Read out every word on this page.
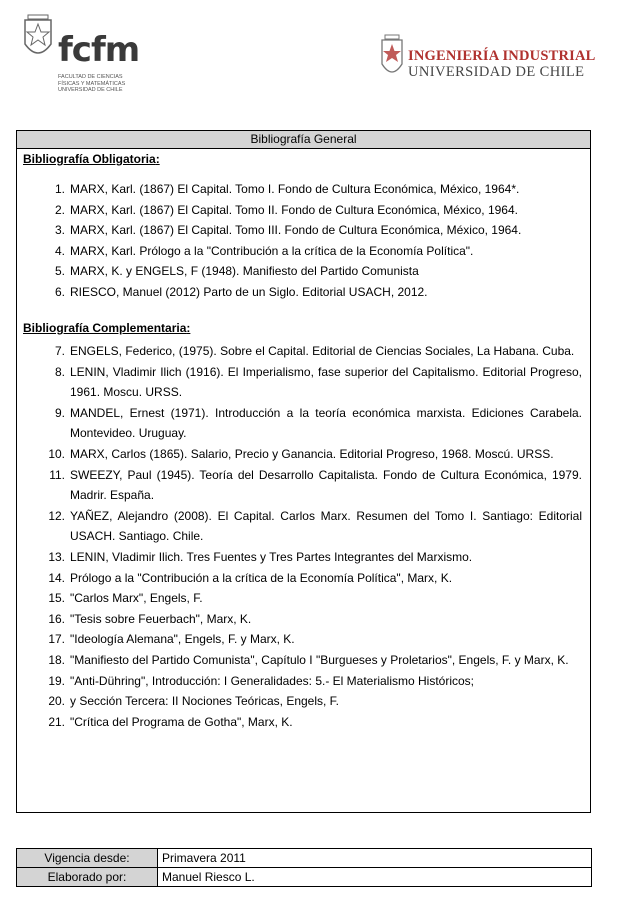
fcfm
FACULTAD DE CIENCIAS
FÍSICAS Y MATEMÁTICAS
UNIVERSIDAD DE CHILE
INGENIERÍA INDUSTRIAL
UNIVERSIDAD DE CHILE
Bibliografía General
Bibliografía Obligatoria:
1. MARX, Karl. (1867) El Capital. Tomo I. Fondo de Cultura Económica, México, 1964*.
2. MARX, Karl. (1867) El Capital. Tomo II. Fondo de Cultura Económica, México, 1964.
3. MARX, Karl. (1867) El Capital. Tomo III. Fondo de Cultura Económica, México, 1964.
4. MARX, Karl. Prólogo a la "Contribución a la crítica de la Economía Política".
5. MARX, K. y ENGELS, F (1948). Manifiesto del Partido Comunista
6. RIESCO, Manuel (2012) Parto de un Siglo. Editorial USACH, 2012.
Bibliografía Complementaria:
7. ENGELS, Federico, (1975). Sobre el Capital. Editorial de Ciencias Sociales, La Habana. Cuba.
8. LENIN, Vladimir Ilich (1916). El Imperialismo, fase superior del Capitalismo. Editorial Progreso, 1961. Moscu. URSS.
9. MANDEL, Ernest (1971). Introducción a la teoría económica marxista. Ediciones Carabela. Montevideo. Uruguay.
10. MARX, Carlos (1865). Salario, Precio y Ganancia. Editorial Progreso, 1968. Moscú. URSS.
11. SWEEZY, Paul (1945). Teoría del Desarrollo Capitalista. Fondo de Cultura Económica, 1979. Madrir. España.
12. YAÑEZ, Alejandro (2008). El Capital. Carlos Marx. Resumen del Tomo I. Santiago: Editorial USACH. Santiago. Chile.
13. LENIN, Vladimir Ilich. Tres Fuentes y Tres Partes Integrantes del Marxismo.
14. Prólogo a la "Contribución a la crítica de la Economía Política", Marx, K.
15. "Carlos Marx", Engels, F.
16. "Tesis sobre Feuerbach", Marx, K.
17. "Ideología Alemana", Engels, F. y Marx, K.
18. "Manifiesto del Partido Comunista", Capítulo I "Burgueses y Proletarios", Engels, F. y Marx, K.
19. "Anti-Dühring", Introducción: I Generalidades: 5.- El Materialismo Históricos;
20. y Sección Tercera: II Nociones Teóricas, Engels, F.
21. "Crítica del Programa de Gotha", Marx, K.
Vigencia desde:	Primavera 2011
Elaborado por:	Manuel Riesco L.
